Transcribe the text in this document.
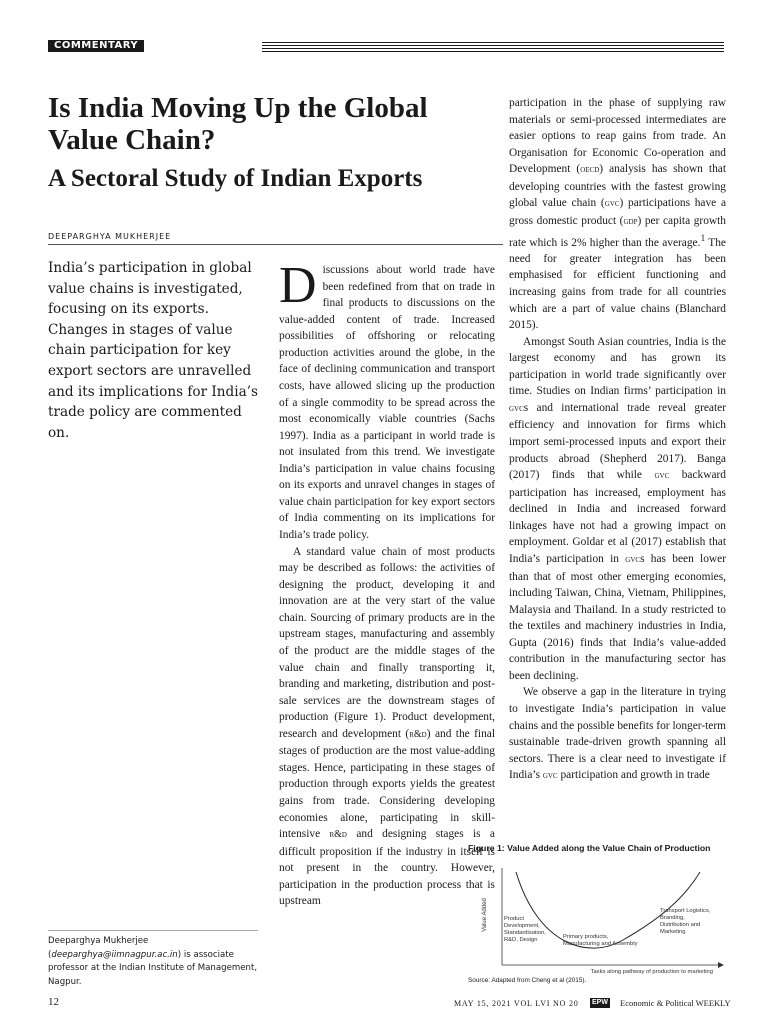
COMMENTARY
Is India Moving Up the Global Value Chain?
A Sectoral Study of Indian Exports
DEEPARGHYA MUKHERJEE
India’s participation in global value chains is investigated, focusing on its exports. Changes in stages of value chain participation for key export sectors are unravelled and its implications for India’s trade policy are commented on.
Deeparghya Mukherjee (deeparghya@iimnagpur.ac.in) is associate professor at the Indian Institute of Management, Nagpur.

Discussions about world trade have been redefined from that on trade in final products to discussions on the value-added content of trade. Increased possibilities of offshoring or relocating production activities around the globe, in the face of declining communication and transport costs, have allowed slicing up the production of a single commodity to be spread across the most economically viable countries (Sachs 1997). India as a participant in world trade is not insulated from this trend. We investigate India’s participation in value chains focusing on its exports and unravel changes in stages of value chain participation for key export sectors of India commenting on its implications for India’s trade policy.

A standard value chain of most products may be described as follows: the activities of designing the product, developing it and innovation are at the very start of the value chain. Sourcing of primary products are in the upstream stages, manufacturing and assembly of the product are the middle stages of the value chain and finally transporting it, branding and marketing, distribution and post-sale services are the downstream stages of production (Figure 1). Product development, research and development (r&d) and the final stages of production are the most value-adding stages. Hence, participating in these stages of production through exports yields the greatest gains from trade. Considering developing economies alone, participating in skill-intensive r&d and designing stages is a difficult proposition if the industry in itself is not present in the country. However, participation in the production process that is upstream

participation in the phase of supplying raw materials or semi-processed intermediates are easier options to reap gains from trade. An Organisation for Economic Co-operation and Development (oecd) analysis has shown that developing countries with the fastest growing global value chain (gvc) participations have a gross domestic product (gdp) per capita growth rate which is 2% higher than the average.$^1$ The need for greater integration has been emphasised for efficient functioning and increasing gains from trade for all countries which are a part of value chains (Blanchard 2015).

Amongst South Asian countries, India is the largest economy and has grown its participation in world trade significantly over time. Studies on Indian firms’ participation in gvcs and international trade reveal greater efficiency and innovation for firms which import semi-processed inputs and export their products abroad (Shepherd 2017). Banga (2017) finds that while gvc backward participation has increased, employment has declined in India and increased forward linkages have not had a growing impact on employment. Goldar et al (2017) establish that India’s participation in gvcs has been lower than that of most other emerging economies, including Taiwan, China, Vietnam, Philippines, Malaysia and Thailand. In a study restricted to the textiles and machinery industries in India, Gupta (2016) finds that India’s value-added contribution in the manufacturing sector has been declining.

We observe a gap in the literature in trying to investigate India’s participation in value chains and the possible benefits for longer-term sustainable trade-driven growth spanning all sectors. There is a clear need to investigate if India’s gvc participation and growth in trade

Figure 1: Value Added along the Value Chain of Production
Value Added	Product Development, Standardisation, R&D, Design	Primary products, Manufacturing and Assembly
Transport Logistics, Branding, Distribution and Marketing
Tasks along pathway of production to marketing
Source: Adapted from Cheng et al (2015).
12	MAY 15, 2021 VOL LVI NO 20 EPW Economic & Political WEEKLY
